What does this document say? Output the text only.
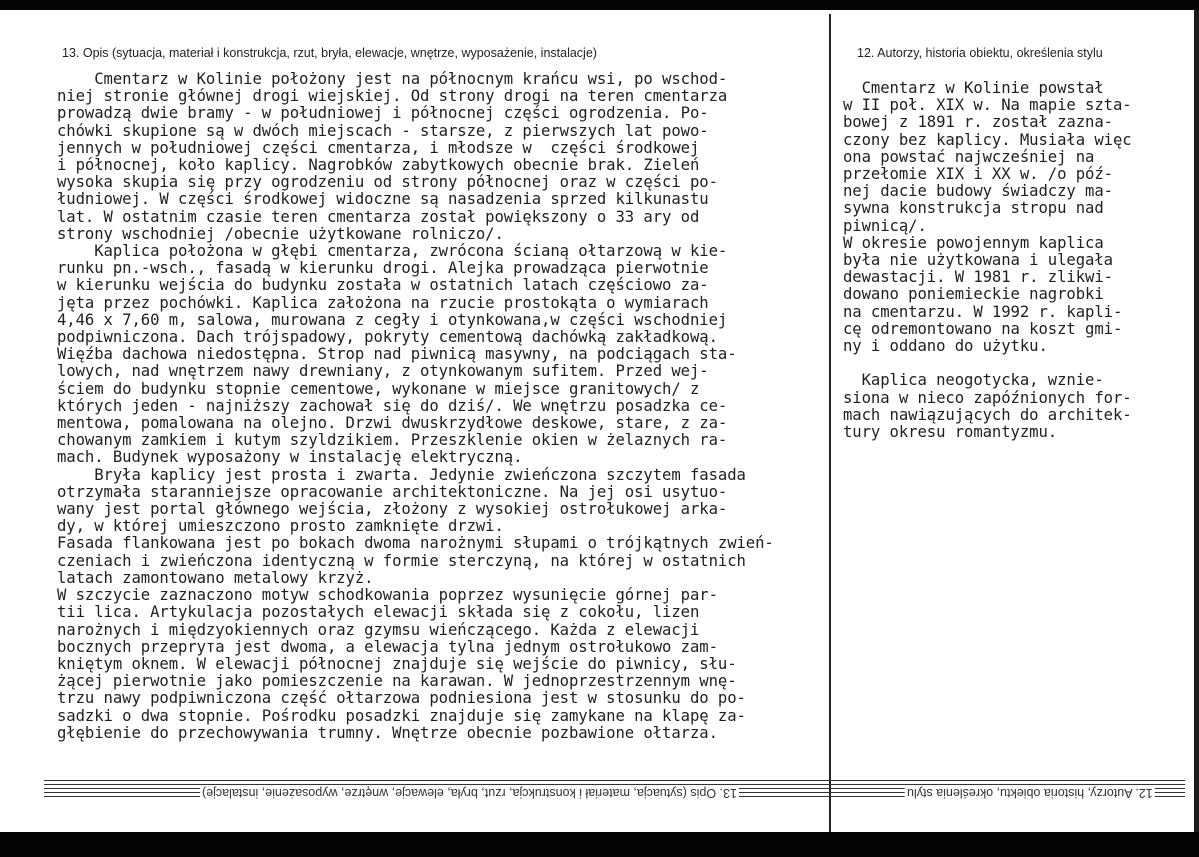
13. Opis (sytuacja, materiał i konstrukcja, rzut, bryła, elewacje, wnętrze, wyposażenie, instalacje)	12. Autorzy, historia obiektu, określenia stylu
Cmentarz w Kolinie położony jest na północnym krańcu wsi, po wschod-
niej stronie głównej drogi wiejskiej. Od strony drogi na teren cmentarza
prowadzą dwie bramy - w południowej i północnej części ogrodzenia. Po-
chówki skupione są w dwóch miejscach - starsze, z pierwszych lat powo-
jennych w południowej części cmentarza, i młodsze w  części środkowej
i północnej, koło kaplicy. Nagrobków zabytkowych obecnie brak. Zieleń
wysoka skupia się przy ogrodzeniu od strony północnej oraz w części po-
łudniowej. W części środkowej widoczne są nasadzenia sprzed kilkunastu
lat. W ostatnim czasie teren cmentarza został powiększony o 33 ary od
strony wschodniej /obecnie użytkowane rolniczo/.
Kaplica położona w głębi cmentarza, zwrócona ścianą ołtarzową w kie-
runku pn.-wsch., fasadą w kierunku drogi. Alejka prowadząca pierwotnie
w kierunku wejścia do budynku została w ostatnich latach częściowo za-
jęta przez pochówki. Kaplica założona na rzucie prostokąta o wymiarach
4,46 x 7,60 m, salowa, murowana z cegły i otynkowana,w części wschodniej
podpiwniczona. Dach trójspadowy, pokryty cementową dachówką zakładkową.
Więźba dachowa niedostępna. Strop nad piwnicą masywny, na podciągach sta-
lowych, nad wnętrzem nawy drewniany, z otynkowanym sufitem. Przed wej-
ściem do budynku stopnie cementowe, wykonane w miejsce granitowych/ z
których jeden - najniższy zachował się do dziś/. We wnętrzu posadzka ce-
mentowa, pomalowana na olejno. Drzwi dwuskrzydłowe deskowe, stare, z za-
chowanym zamkiem i kutym szyldzikiem. Przeszklenie okien w żelaznych ra-
mach. Budynek wyposażony w instalację elektryczną.
Bryła kaplicy jest prosta i zwarta. Jedynie zwieńczona szczytem fasada
otrzymała staranniejsze opracowanie architektoniczne. Na jej osi usytuo-
wany jest portal głównego wejścia, złożony z wysokiej ostrołukowej arka-
dy, w której umieszczono prosto zamknięte drzwi.
Fasada flankowana jest po bokach dwoma narożnymi słupami o trójkątnych zwień-
czeniach i zwieńczona identyczną w formie sterczyną, na której w ostatnich
latach zamontowano metalowy krzyż.
W szczycie zaznaczono motyw schodkowania poprzez wysunięcie górnej par-
tii lica. Artykulacja pozostałych elewacji składa się z cokołu, lizen
narożnych i międzyokiennych oraz gzymsu wieńczącego. Każda z elewacji
bocznych przeprута jest dwoma, a elewacja tylna jednym ostrołukowo zam-
kniętym oknem. W elewacji północnej znajduje się wejście do piwnicy, słu-
żącej pierwotnie jako pomieszczenie na karawan. W jednoprzestrzennym wnę-
trzu nawy podpiwniczona część ołtarzowa podniesiona jest w stosunku do po-
sadzki o dwa stopnie. Pośrodku posadzki znajduje się zamykane na klapę za-
głębienie do przechowywania trumny. Wnętrze obecnie pozbawione ołtarza.

Cmentarz w Kolinie powstał
w II poł. XIX w. Na mapie szta-
bowej z 1891 r. został zazna-
czony bez kaplicy. Musiała więc
ona powstać najwcześniej na
przełomie XIX i XX w. /o póź-
nej dacie budowy świadczy ma-
sywna konstrukcja stropu nad
piwnicą/.
W okresie powojennym kaplica
była nie użytkowana i ulegała
dewastacji. W 1981 r. zlikwi-
dowano poniemieckie nagrobki
na cmentarzu. W 1992 r. kapli-
cę odremontowano na koszt gmi-
ny i oddano do użytku.

Kaplica neogotycka, wznie-
siona w nieco zapóźnionych for-
mach nawiązujących do architek-
tury okresu romantyzmu.

13. Opis (sytuacja, materiał i konstrukcja, rzut, bryła, elewacje, wnętrze, wyposażenie, instalacje)	12. Autorzy, historia obiektu, określenia stylu
